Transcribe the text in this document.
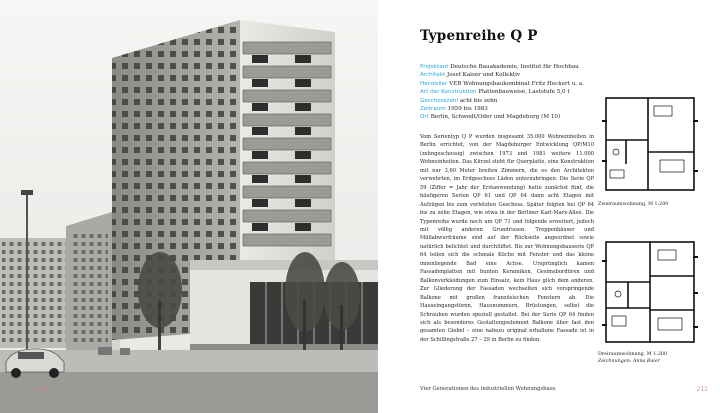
210
Typenreihe Q P
Projektant Deutsche Bauakademie, Institut für Hochbau
Architekt Josef Kaiser und Kollektiv
Hersteller VEB Wohnungsbaukombinat Fritz Heckert u. a.
Art der Konstruktion Plattenbauweise, Laststufe 5,0 t
Geschosszahl acht bis zehn
Zeitraum 1959 bis 1983
Ort Berlin, Schwedt/Oder und Magdeburg (M 10)

Vom Serientyp Q P wurden insgesamt 35.000 Wohneinheiten in Berlin errichtet, von der Magdeburger Entwicklung QP/M10 (zehngeschossig) zwischen 1973 und 1981 weitere 11.000 Wohneinheiten. Das Kürzel steht für Querplatte, eine Konstruktion mit nur 3,60 Meter breiten Zimmern, die es den Architekten verwehrten, im Erdgeschoss Läden unterzubringen. Die Serie QP 59 (Ziffer = Jahr der Erstanwendung) hatte zunächst fünf, die häufigeren Serien QP 61 und QP 64 dann acht Etagen mit Aufzügen bis zum vorletzten Geschoss. Später folgten bei QP 64 bis zu zehn Etagen, wie etwa in der Berliner Karl-Marx-Allee. Die Typenreihe wurde noch um QP 71 und folgende erweitert, jedoch mit völlig anderen Grundrissen. Treppenhäuser und Müllabwurfräume sind auf der Rückseite angeordnet sowie natürlich belichtet und durchlüftet. Bis zur Wohnungsbauserie QP 64 teilen sich die schmale Küche mit Fenster und das kleine innenliegende Bad eine Achse. Ursprünglich kamen Fassadenplatten mit bunten Keramiken, Gesimsbordüren und Balkonverkleidungen zum Einsatz, kein Haus glich dem anderen. Zur Gliederung der Fassaden wechselten sich vorspringende Balkone mit großen französischen Fenstern ab. Die Hauseingangstüren, Hausnummern, Brüstungen, selbst die Schrauben wurden speziell gestaltet. Bei der Serie QP 64 finden sich als besonderes Gestaltungselement Balkone über fast den gesamten Giebel – eine nahezu original erhaltene Fassade ist in der Schillingstraße 27 – 29 in Berlin zu finden.

Zweiraumwohnung, M 1:200
Dreiraumwohnung, M 1:200
Zeichnungen: Anna Baier
Vier Generationen des industriellen Wohnungsbaus	211
